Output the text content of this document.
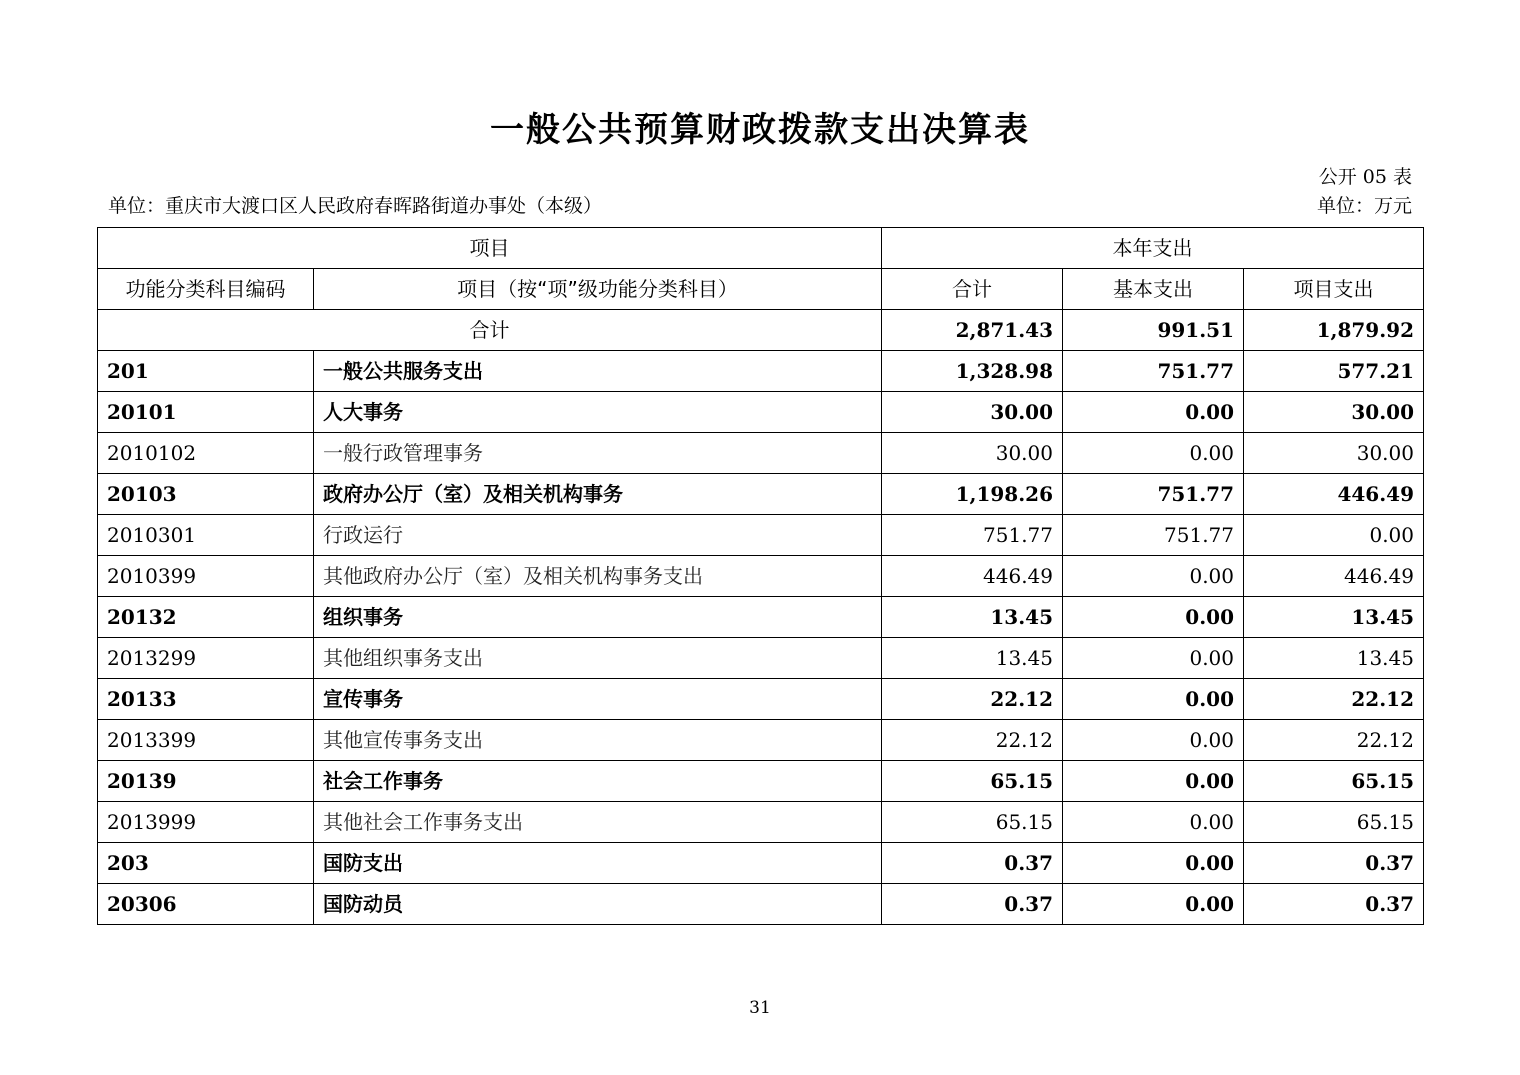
一般公共预算财政拨款支出决算表
公开 05 表
单位：重庆市大渡口区人民政府春晖路街道办事处（本级）	单位：万元
项目		本年支出		
功能分类科目编码	项目（按“项”级功能分类科目）	合计	基本支出	项目支出
合计		2,871.43	991.51	1,879.92
201	一般公共服务支出	1,328.98	751.77	577.21
20101	人大事务	30.00	0.00	30.00
2010102	一般行政管理事务	30.00	0.00	30.00
20103	政府办公厅（室）及相关机构事务	1,198.26	751.77	446.49
2010301	行政运行	751.77	751.77	0.00
2010399	其他政府办公厅（室）及相关机构事务支出	446.49	0.00	446.49
20132	组织事务	13.45	0.00	13.45
2013299	其他组织事务支出	13.45	0.00	13.45
20133	宣传事务	22.12	0.00	22.12
2013399	其他宣传事务支出	22.12	0.00	22.12
20139	社会工作事务	65.15	0.00	65.15
2013999	其他社会工作事务支出	65.15	0.00	65.15
203	国防支出	0.37	0.00	0.37
20306	国防动员	0.37	0.00	0.37
31
